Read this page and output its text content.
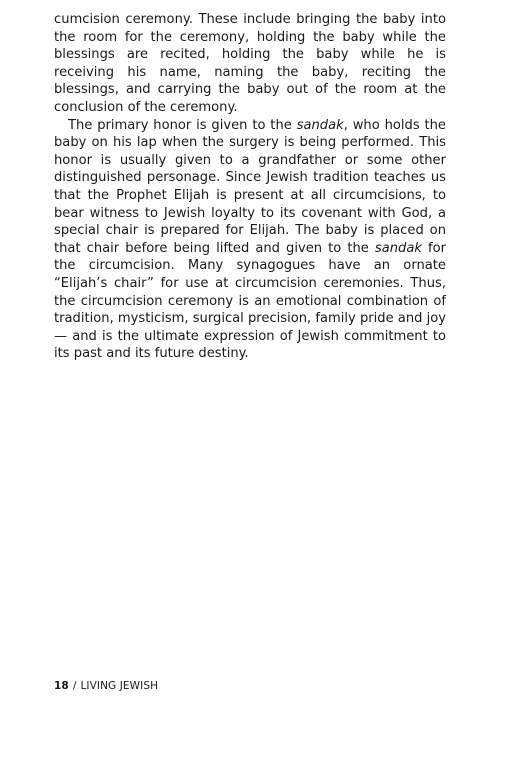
cumcision ceremony. These include bringing the baby into the room for the ceremony, holding the baby while the blessings are recited, holding the baby while he is receiving his name, naming the baby, reciting the blessings, and carrying the baby out of the room at the conclusion of the ceremony.

The primary honor is given to the sandak, who holds the baby on his lap when the surgery is being performed. This honor is usually given to a grandfather or some other distinguished personage. Since Jewish tradition teaches us that the Prophet Elijah is present at all circumcisions, to bear witness to Jewish loyalty to its covenant with God, a special chair is prepared for Elijah. The baby is placed on that chair before being lifted and given to the sandak for the circumcision. Many synagogues have an ornate “Elijah’s chair” for use at circumcision ceremonies. Thus, the circumcision ceremony is an emotional combination of tradition, mysticism, surgical precision, family pride and joy — and is the ultimate expression of Jewish commitment to its past and its future destiny.

18 / LIVING JEWISH
